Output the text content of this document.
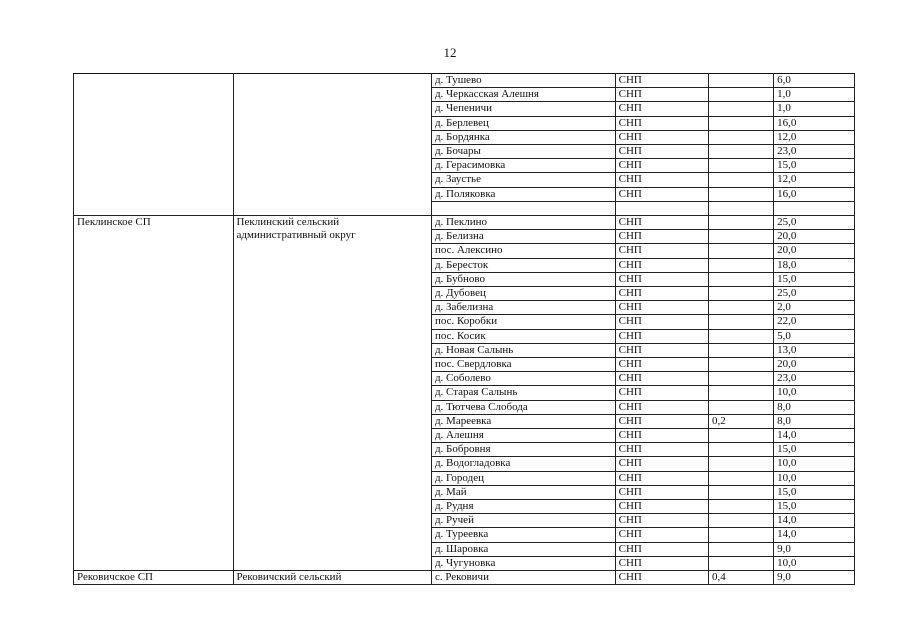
12
		д. Тушево	СНП		6,0
		д. Черкасская Алешня	СНП		1,0
		д. Чепеничи	СНП		1,0
		д. Берлевец	СНП		16,0
		д. Бордянка	СНП		12,0
		д. Бочары	СНП		23,0
		д. Герасимовка	СНП		15,0
		д. Заустье	СНП		12,0
		д. Поляковка	СНП		16,0

Пеклинское СП	Пеклинский сельский административный округ	д. Пеклино	СНП		25,0
		д. Белизна	СНП		20,0
		пос. Алексино	СНП		20,0
		д. Бересток	СНП		18,0
		д. Бубново	СНП		15,0
		д. Дубовец	СНП		25,0
		д. Забелизна	СНП		2,0
		пос. Коробки	СНП		22,0
		пос. Косик	СНП		5,0
		д. Новая Салынь	СНП		13,0
		пос. Свердловка	СНП		20,0
		д. Соболево	СНП		23,0
		д. Старая Салынь	СНП		10,0
		д. Тютчева Слобода	СНП		8,0
		д. Мареевка	СНП	0,2	8,0
		д. Алешня	СНП		14,0
		д. Бобровня	СНП		15,0
		д. Водогладовка	СНП		10,0
		д. Городец	СНП		10,0
		д. Май	СНП		15,0
		д. Рудня	СНП		15,0
		д. Ручей	СНП		14,0
		д. Туреевка	СНП		14,0
		д. Шаровка	СНП		9,0
		д. Чугуновка	СНП		10,0
Рековичское СП	Рековичский сельский	с. Рековичи	СНП	0,4	9,0
